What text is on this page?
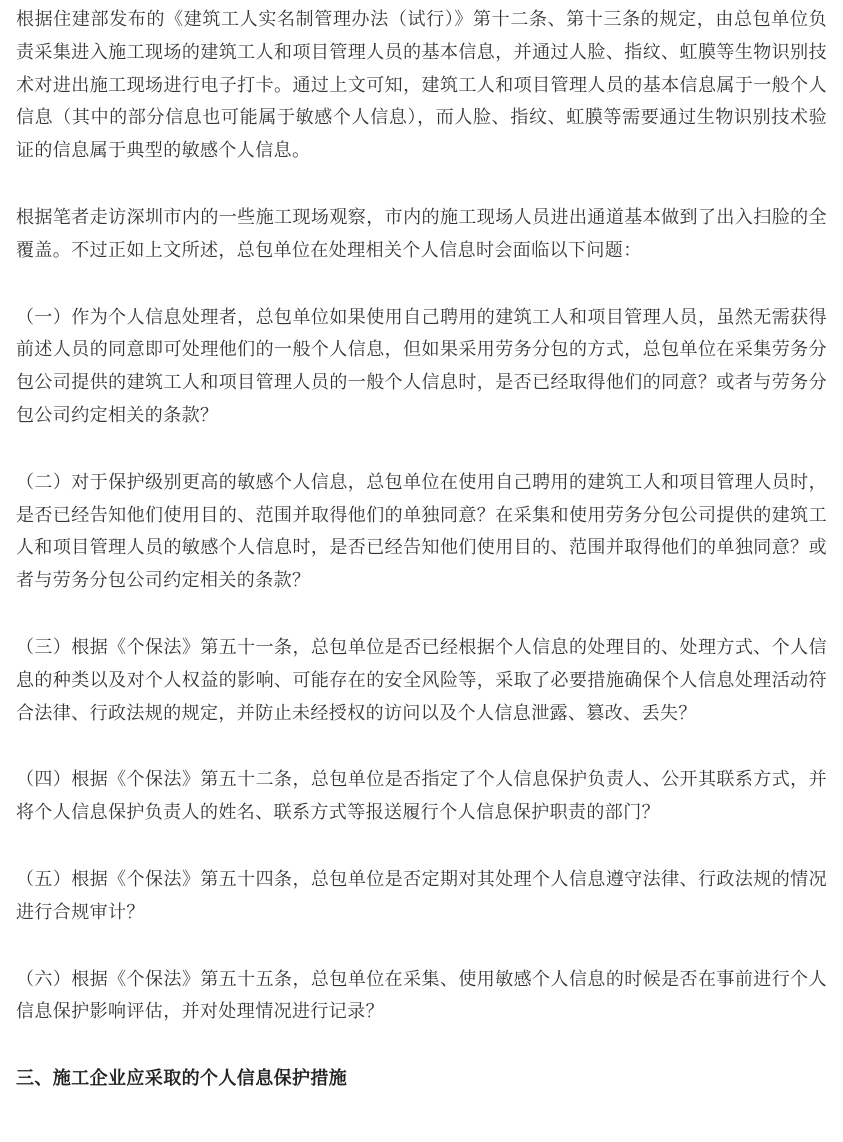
根据住建部发布的《建筑工人实名制管理办法（试行）》第十二条、第十三条的规定，由总包单位负责采集进入施工现场的建筑工人和项目管理人员的基本信息，并通过人脸、指纹、虹膜等生物识别技术对进出施工现场进行电子打卡。通过上文可知，建筑工人和项目管理人员的基本信息属于一般个人信息（其中的部分信息也可能属于敏感个人信息），而人脸、指纹、虹膜等需要通过生物识别技术验证的信息属于典型的敏感个人信息。

根据笔者走访深圳市内的一些施工现场观察，市内的施工现场人员进出通道基本做到了出入扫脸的全覆盖。不过正如上文所述，总包单位在处理相关个人信息时会面临以下问题：

（一）作为个人信息处理者，总包单位如果使用自己聘用的建筑工人和项目管理人员，虽然无需获得前述人员的同意即可处理他们的一般个人信息，但如果采用劳务分包的方式，总包单位在采集劳务分包公司提供的建筑工人和项目管理人员的一般个人信息时，是否已经取得他们的同意？或者与劳务分包公司约定相关的条款？

（二）对于保护级别更高的敏感个人信息，总包单位在使用自己聘用的建筑工人和项目管理人员时，是否已经告知他们使用目的、范围并取得他们的单独同意？在采集和使用劳务分包公司提供的建筑工人和项目管理人员的敏感个人信息时，是否已经告知他们使用目的、范围并取得他们的单独同意？或者与劳务分包公司约定相关的条款？

（三）根据《个保法》第五十一条，总包单位是否已经根据个人信息的处理目的、处理方式、个人信息的种类以及对个人权益的影响、可能存在的安全风险等，采取了必要措施确保个人信息处理活动符合法律、行政法规的规定，并防止未经授权的访问以及个人信息泄露、篡改、丢失？

（四）根据《个保法》第五十二条，总包单位是否指定了个人信息保护负责人、公开其联系方式，并将个人信息保护负责人的姓名、联系方式等报送履行个人信息保护职责的部门？

（五）根据《个保法》第五十四条，总包单位是否定期对其处理个人信息遵守法律、行政法规的情况进行合规审计？

（六）根据《个保法》第五十五条，总包单位在采集、使用敏感个人信息的时候是否在事前进行个人信息保护影响评估，并对处理情况进行记录？

三、施工企业应采取的个人信息保护措施
